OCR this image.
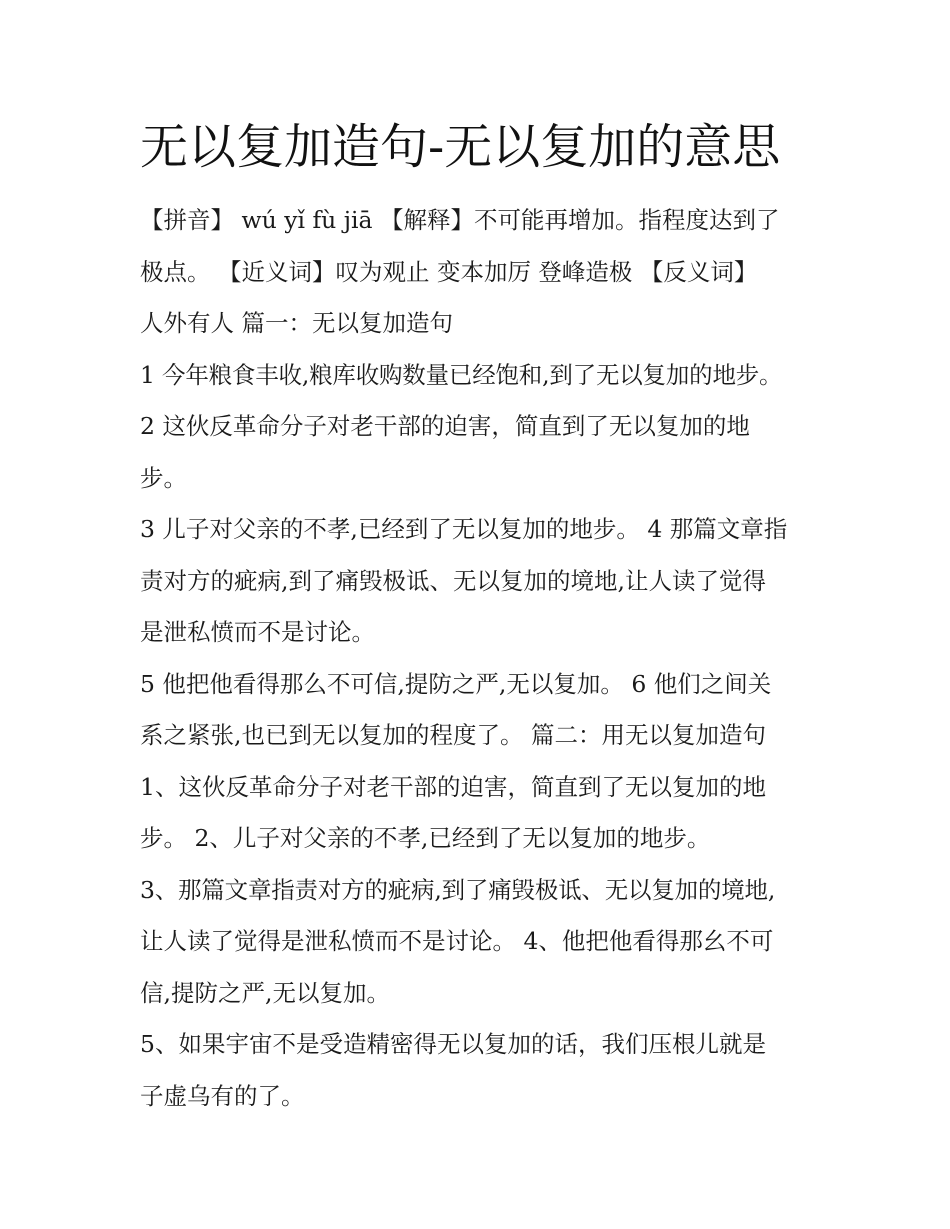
无以复加造句-无以复加的意思
【拼音】 wú yǐ fù jiā 【解释】不可能再增加。指程度达到了
极点。 【近义词】叹为观止 变本加厉 登峰造极 【反义词】
人外有人 篇一：无以复加造句
1 今年粮食丰收,粮库收购数量已经饱和,到了无以复加的地步。
2 这伙反革命分子对老干部的迫害，简直到了无以复加的地
步。
3 儿子对父亲的不孝,已经到了无以复加的地步。 4 那篇文章指
责对方的疵病,到了痛毁极诋、无以复加的境地,让人读了觉得
是泄私愤而不是讨论。
5 他把他看得那么不可信,提防之严,无以复加。 6 他们之间关
系之紧张,也已到无以复加的程度了。 篇二：用无以复加造句
1、这伙反革命分子对老干部的迫害，简直到了无以复加的地
步。 2、儿子对父亲的不孝,已经到了无以复加的地步。
3、那篇文章指责对方的疵病,到了痛毁极诋、无以复加的境地,
让人读了觉得是泄私愤而不是讨论。 4、他把他看得那幺不可
信,提防之严,无以复加。
5、如果宇宙不是受造精密得无以复加的话，我们压根儿就是
子虚乌有的了。
